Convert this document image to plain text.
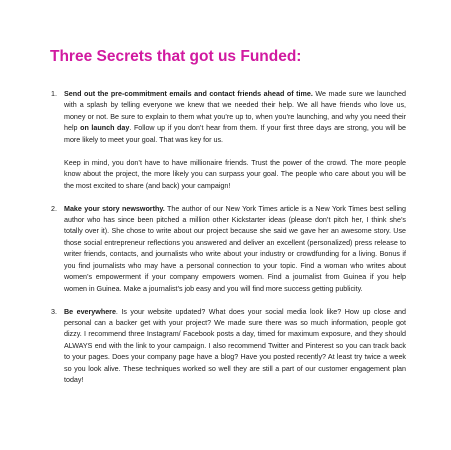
Three Secrets that got us Funded:
1. Send out the pre-commitment emails and contact friends ahead of time. We made sure we launched with a splash by telling everyone we knew that we needed their help. We all have friends who love us, money or not. Be sure to explain to them what you’re up to, when you’re launching, and why you need their help on launch day. Follow up if you don’t hear from them. If your first three days are strong, you will be more likely to meet your goal. That was key for us.

Keep in mind, you don’t have to have millionaire friends. Trust the power of the crowd. The more people know about the project, the more likely you can surpass your goal. The people who care about you will be the most excited to share (and back) your campaign!

2. Make your story newsworthy. The author of our New York Times article is a New York Times best selling author who has since been pitched a million other Kickstarter ideas (please don’t pitch her, I think she’s totally over it). She chose to write about our project because she said we gave her an awesome story. Use those social entrepreneur reflections you answered and deliver an excellent (personalized) press release to writer friends, contacts, and journalists who write about your industry or crowdfunding for a living. Bonus if you find journalists who may have a personal connection to your topic. Find a woman who writes about women’s empowerment if your company empowers women. Find a journalist from Guinea if you help women in Guinea. Make a journalist’s job easy and you will find more success getting publicity.

3. Be everywhere. Is your website updated? What does your social media look like? How up close and personal can a backer get with your project? We made sure there was so much information, people got dizzy. I recommend three Instagram/ Facebook posts a day, timed for maximum exposure, and they should ALWAYS end with the link to your campaign. I also recommend Twitter and Pinterest so you can track back to your pages. Does your company page have a blog? Have you posted recently? At least try twice a week so you look alive. These techniques worked so well they are still a part of our customer engagement plan today!
